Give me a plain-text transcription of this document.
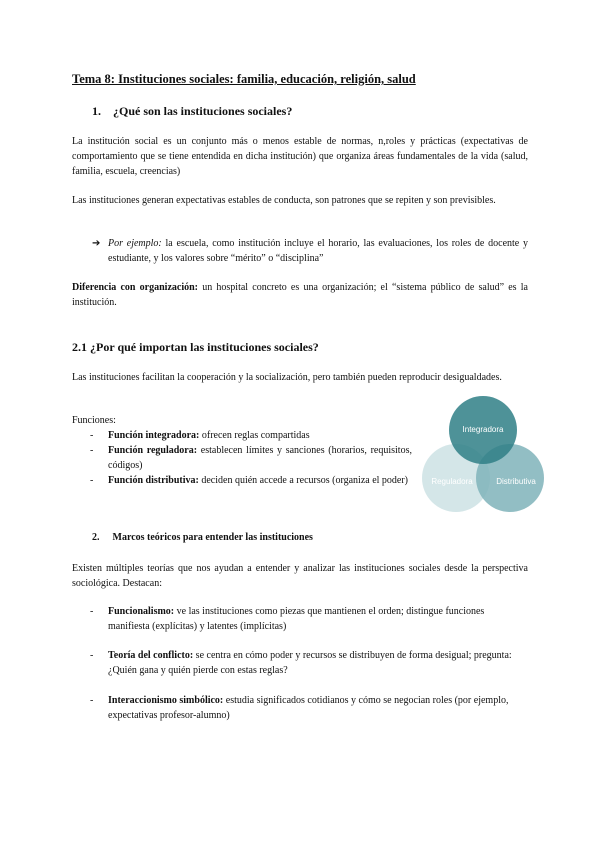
Tema 8: Instituciones sociales: familia, educación, religión, salud
1. ¿Qué son las instituciones sociales?
La institución social es un conjunto más o menos estable de normas, n,roles y prácticas (expectativas de comportamiento que se tiene entendida en dicha institución) que organiza áreas fundamentales de la vida (salud, familia, escuela, creencias)
Las instituciones generan expectativas estables de conducta, son patrones que se repiten y son previsibles.
➔ Por ejemplo: la escuela, como institución incluye el horario, las evaluaciones, los roles de docente y estudiante, y los valores sobre “mérito” o “disciplina”
Diferencia con organización: un hospital concreto es una organización; el “sistema público de salud” es la institución.
2.1 ¿Por qué importan las instituciones sociales?
Las instituciones facilitan la cooperación y la socialización, pero también pueden reproducir desigualdades.
Funciones:
- Función integradora: ofrecen reglas compartidas
- Función reguladora: establecen límites y sanciones (horarios, requisitos, códigos)
- Función distributiva: deciden quién accede a recursos (organiza el poder)
2. Marcos teóricos para entender las instituciones
Existen múltiples teorías que nos ayudan a entender y analizar las instituciones sociales desde la perspectiva sociológica. Destacan:
- Funcionalismo: ve las instituciones como piezas que mantienen el orden; distingue funciones manifiesta (explícitas) y latentes (implícitas)
- Teoría del conflicto: se centra en cómo poder y recursos se distribuyen de forma desigual; pregunta: ¿Quién gana y quién pierde con estas reglas?
- Interaccionismo simbólico: estudia significados cotidianos y cómo se negocian roles (por ejemplo, expectativas profesor-alumno)
Integradora
Reguladora	Distributiva
